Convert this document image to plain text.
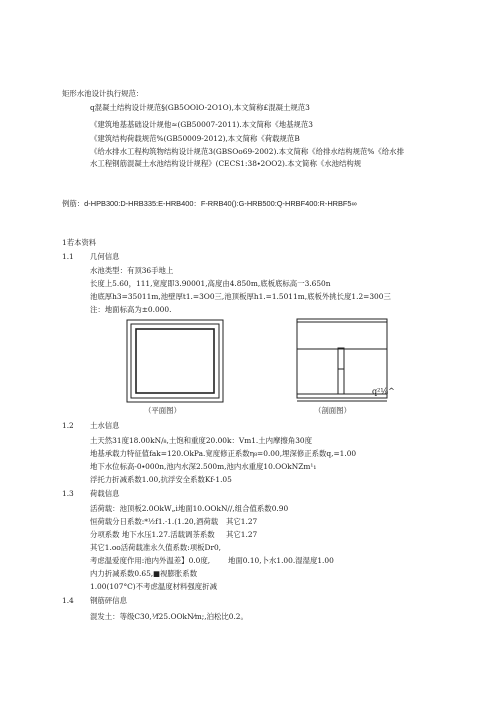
矩形水池设计执行规范：
q混凝土结构设计规范§(GB5OOlO-2O1O),本文简称£混凝土规范3
《建筑地基基础设计规他≈(GB50007-2011).本文简称《地基规范3
《建筑结构荷载规范%(GB50009-2012),本文简称《荷载规范B
《给水排水工程构筑物结构设计规范3(GBSOo69-2002).本文简称《给排水结构规范%《给水排
水工程钢筋混凝土水池结构设计规程》(CECS1:38∙2OO2).本文简称《水池结构规
例筋：d-HPB300:D-HRB335:E-HRB400：F-RRB40():G-HRB500:Q-HRBF400:R-HRBF5∞
1若本资料
1.1 几何信息
水池类型：有顶36手地上
长度上5.60，111,宽度即3.90001,高度由4.850m,底板底标高一3.650n
池底厚h3=35011m,池壁厚t1.=3O0三,池顶板厚h1.=1.5011m,底板外挑长度1.2=300三
注：地面标高为±0.000.
（平面图）	（剖面图）
q²¹⁄₈^
1.2 土水信息
土天然31度18.00kN/₈,土饱和重度20.00k：Vm1.土内摩擦角30度
地基承载力特征值fak=120.OkPa.宽度修正系数η₈=0.00,埋深修正系数q,=1.00
地下水位标高-0∙000n,池内水深2.500m,池内水重度10.OOkNZm¹₁
浮托力折减系数1.00,抗浮安全系数Kf-1.05
1.3 荷载信息
活荷载：池顶板2.0OkW„i地面10.OOkN//,组合值系数0.90
恒荷载分日系数:*½f1.·1.(1.20,酒荷载 其它1.27
分项系数 地下水压1.27.活载调茶系数 其它1.27
其它1.oo活荷载准永久值系数:项板Dr0,
考虑温爱度作用:池内外温差】0.0度, 地面0.10,卜水1.00.湿湿度1.00
内力折减系数0.65,■视膨胀系数
1.00(107°C)不考虑温度材料强度折减
1.4 钢筋砰信息
混发土：等级C30,⅟f25.OOkN⁄m;,泊松比0.2。
